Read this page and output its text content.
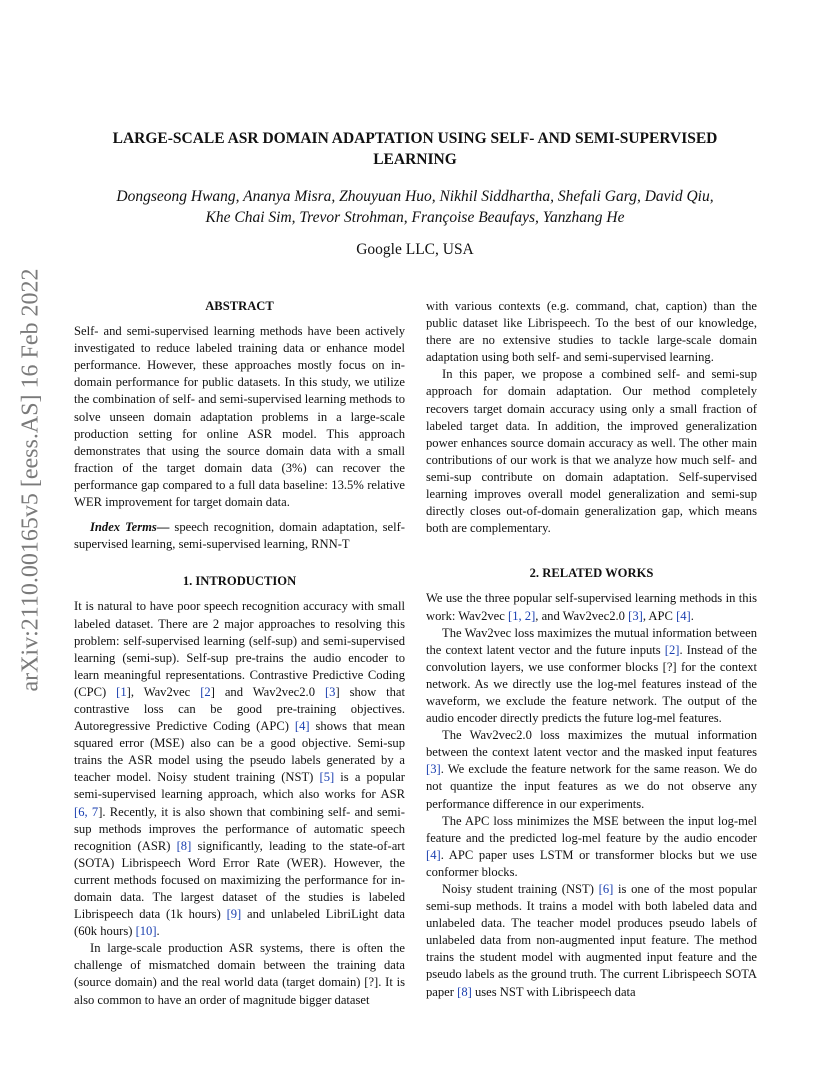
arXiv:2110.00165v5 [eess.AS] 16 Feb 2022
LARGE-SCALE ASR DOMAIN ADAPTATION USING SELF- AND SEMI-SUPERVISED
LEARNING
Dongseong Hwang, Ananya Misra, Zhouyuan Huo, Nikhil Siddhartha, Shefali Garg, David Qiu,
Khe Chai Sim, Trevor Strohman, Françoise Beaufays, Yanzhang He
Google LLC, USA

ABSTRACT

Self- and semi-supervised learning methods have been actively investigated to reduce labeled training data or enhance model performance. However, these approaches mostly focus on in-domain performance for public datasets. In this study, we utilize the combination of self- and semi-supervised learning methods to solve unseen domain adaptation problems in a large-scale production setting for online ASR model. This approach demonstrates that using the source domain data with a small fraction of the target domain data (3%) can recover the performance gap compared to a full data baseline: 13.5% relative WER improvement for target domain data.

Index Terms— speech recognition, domain adaptation, self-supervised learning, semi-supervised learning, RNN-T

1. INTRODUCTION

It is natural to have poor speech recognition accuracy with small labeled dataset. There are 2 major approaches to resolving this problem: self-supervised learning (self-sup) and semi-supervised learning (semi-sup). Self-sup pre-trains the audio encoder to learn meaningful representations. Contrastive Predictive Coding (CPC) [1], Wav2vec [2] and Wav2vec2.0 [3] show that contrastive loss can be good pre-training objectives. Autoregressive Predictive Coding (APC) [4] shows that mean squared error (MSE) also can be a good objective. Semi-sup trains the ASR model using the pseudo labels generated by a teacher model. Noisy student training (NST) [5] is a popular semi-supervised learning approach, which also works for ASR [6, 7]. Recently, it is also shown that combining self- and semi-sup methods improves the performance of automatic speech recognition (ASR) [8] significantly, leading to the state-of-art (SOTA) Librispeech Word Error Rate (WER). However, the current methods focused on maximizing the performance for in-domain data. The largest dataset of the studies is labeled Librispeech data (1k hours) [9] and unlabeled LibriLight data (60k hours) [10].

In large-scale production ASR systems, there is often the challenge of mismatched domain between the training data (source domain) and the real world data (target domain) [?]. It is also common to have an order of magnitude bigger dataset

with various contexts (e.g. command, chat, caption) than the public dataset like Librispeech. To the best of our knowledge, there are no extensive studies to tackle large-scale domain adaptation using both self- and semi-supervised learning.

In this paper, we propose a combined self- and semi-sup approach for domain adaptation. Our method completely recovers target domain accuracy using only a small fraction of labeled target data. In addition, the improved generalization power enhances source domain accuracy as well. The other main contributions of our work is that we analyze how much self- and semi-sup contribute on domain adaptation. Self-supervised learning improves overall model generalization and semi-sup directly closes out-of-domain generalization gap, which means both are complementary.

2. RELATED WORKS

We use the three popular self-supervised learning methods in this work: Wav2vec [1, 2], and Wav2vec2.0 [3], APC [4].

The Wav2vec loss maximizes the mutual information between the context latent vector and the future inputs [2]. Instead of the convolution layers, we use conformer blocks [?] for the context network. As we directly use the log-mel features instead of the waveform, we exclude the feature network. The output of the audio encoder directly predicts the future log-mel features.

The Wav2vec2.0 loss maximizes the mutual information between the context latent vector and the masked input features [3]. We exclude the feature network for the same reason. We do not quantize the input features as we do not observe any performance difference in our experiments.

The APC loss minimizes the MSE between the input log-mel feature and the predicted log-mel feature by the audio encoder [4]. APC paper uses LSTM or transformer blocks but we use conformer blocks.

Noisy student training (NST) [6] is one of the most popular semi-sup methods. It trains a model with both labeled data and unlabeled data. The teacher model produces pseudo labels of unlabeled data from non-augmented input feature. The method trains the student model with augmented input feature and the pseudo labels as the ground truth. The current Librispeech SOTA paper [8] uses NST with Librispeech data
